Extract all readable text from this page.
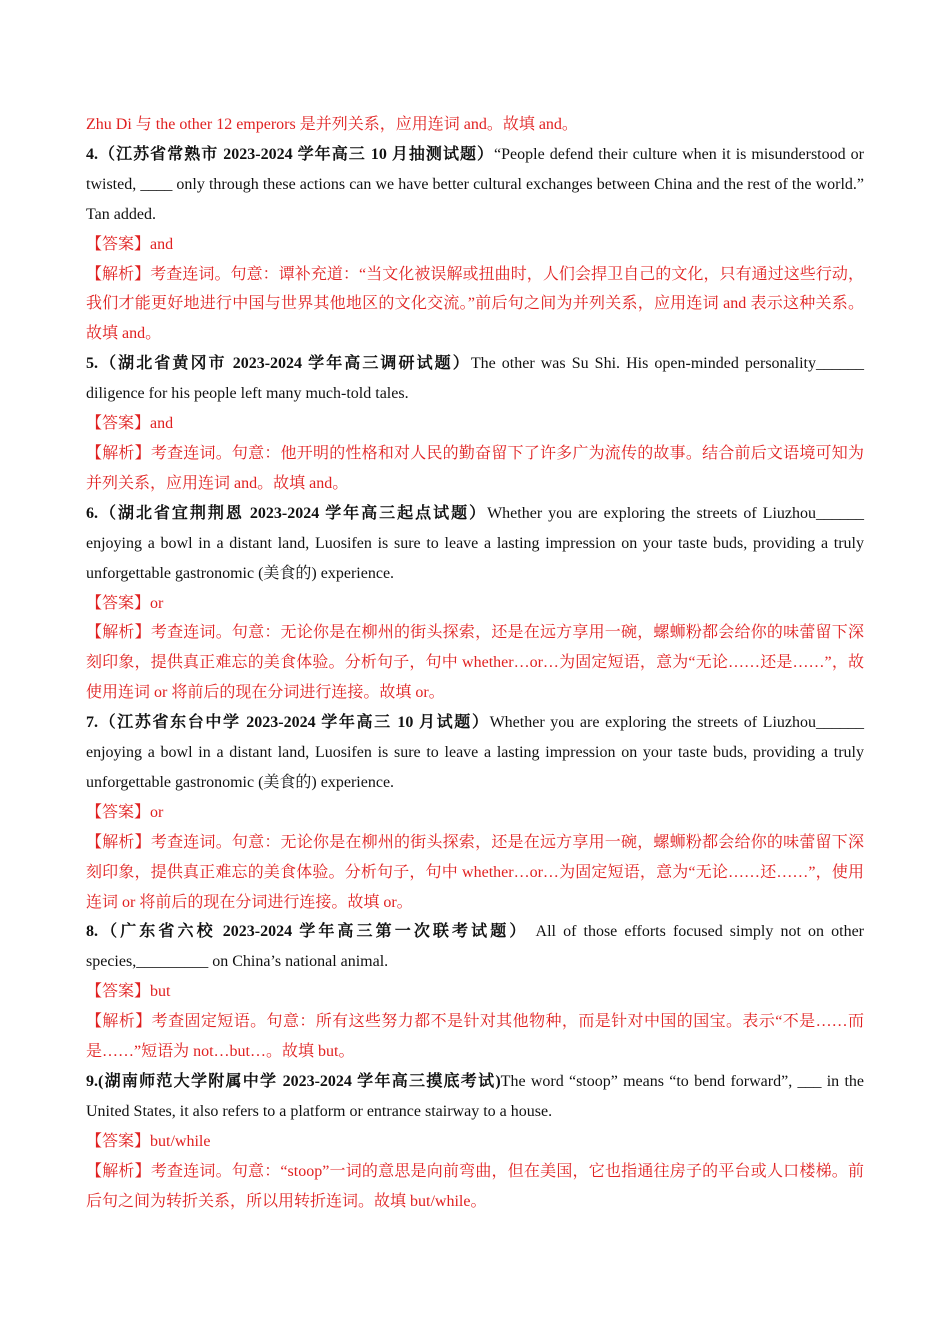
Zhu Di 与 the other 12 emperors 是并列关系，应用连词 and。故填 and。

4.（江苏省常熟市 2023-2024 学年高三 10 月抽测试题）“People defend their culture when it is misunderstood or twisted, ____ only through these actions can we have better cultural exchanges between China and the rest of the world.” Tan added.

【答案】and

【解析】考查连词。句意：谭补充道：“当文化被误解或扭曲时，人们会捍卫自己的文化，只有通过这些行动，我们才能更好地进行中国与世界其他地区的文化交流。”前后句之间为并列关系，应用连词 and 表示这种关系。故填 and。

5.（湖北省黄冈市 2023-2024 学年高三调研试题）The other was Su Shi. His open-minded personality______ diligence for his people left many much-told tales.

【答案】and

【解析】考查连词。句意：他开明的性格和对人民的勤奋留下了许多广为流传的故事。结合前后文语境可知为并列关系，应用连词 and。故填 and。

6.（湖北省宜荆荆恩 2023-2024 学年高三起点试题）Whether you are exploring the streets of Liuzhou______ enjoying a bowl in a distant land, Luosifen is sure to leave a lasting impression on your taste buds, providing a truly unforgettable gastronomic (美食的) experience.

【答案】or

【解析】考查连词。句意：无论你是在柳州的街头探索，还是在远方享用一碗，螺蛳粉都会给你的味蕾留下深刻印象，提供真正难忘的美食体验。分析句子，句中 whether…or…为固定短语，意为“无论……还是……”，故使用连词 or 将前后的现在分词进行连接。故填 or。

7.（江苏省东台中学 2023-2024 学年高三 10 月试题）Whether you are exploring the streets of Liuzhou______ enjoying a bowl in a distant land, Luosifen is sure to leave a lasting impression on your taste buds, providing a truly unforgettable gastronomic (美食的) experience.

【答案】or

【解析】考查连词。句意：无论你是在柳州的街头探索，还是在远方享用一碗，螺蛳粉都会给你的味蕾留下深刻印象，提供真正难忘的美食体验。分析句子，句中 whether…or…为固定短语，意为“无论……还……”，使用连词 or 将前后的现在分词进行连接。故填 or。

8.（广东省六校 2023-2024 学年高三第一次联考试题） All of those efforts focused simply not on other species,_________ on China’s national animal.

【答案】but

【解析】考查固定短语。句意：所有这些努力都不是针对其他物种，而是针对中国的国宝。表示“不是……而是……”短语为 not…but…。故填 but。

9.(湖南师范大学附属中学 2023-2024 学年高三摸底考试)The word “stoop” means “to bend forward”, ___ in the United States, it also refers to a platform or entrance stairway to a house.

【答案】but/while

【解析】考查连词。句意：“stoop”一词的意思是向前弯曲，但在美国，它也指通往房子的平台或人口楼梯。前后句之间为转折关系，所以用转折连词。故填 but/while。
